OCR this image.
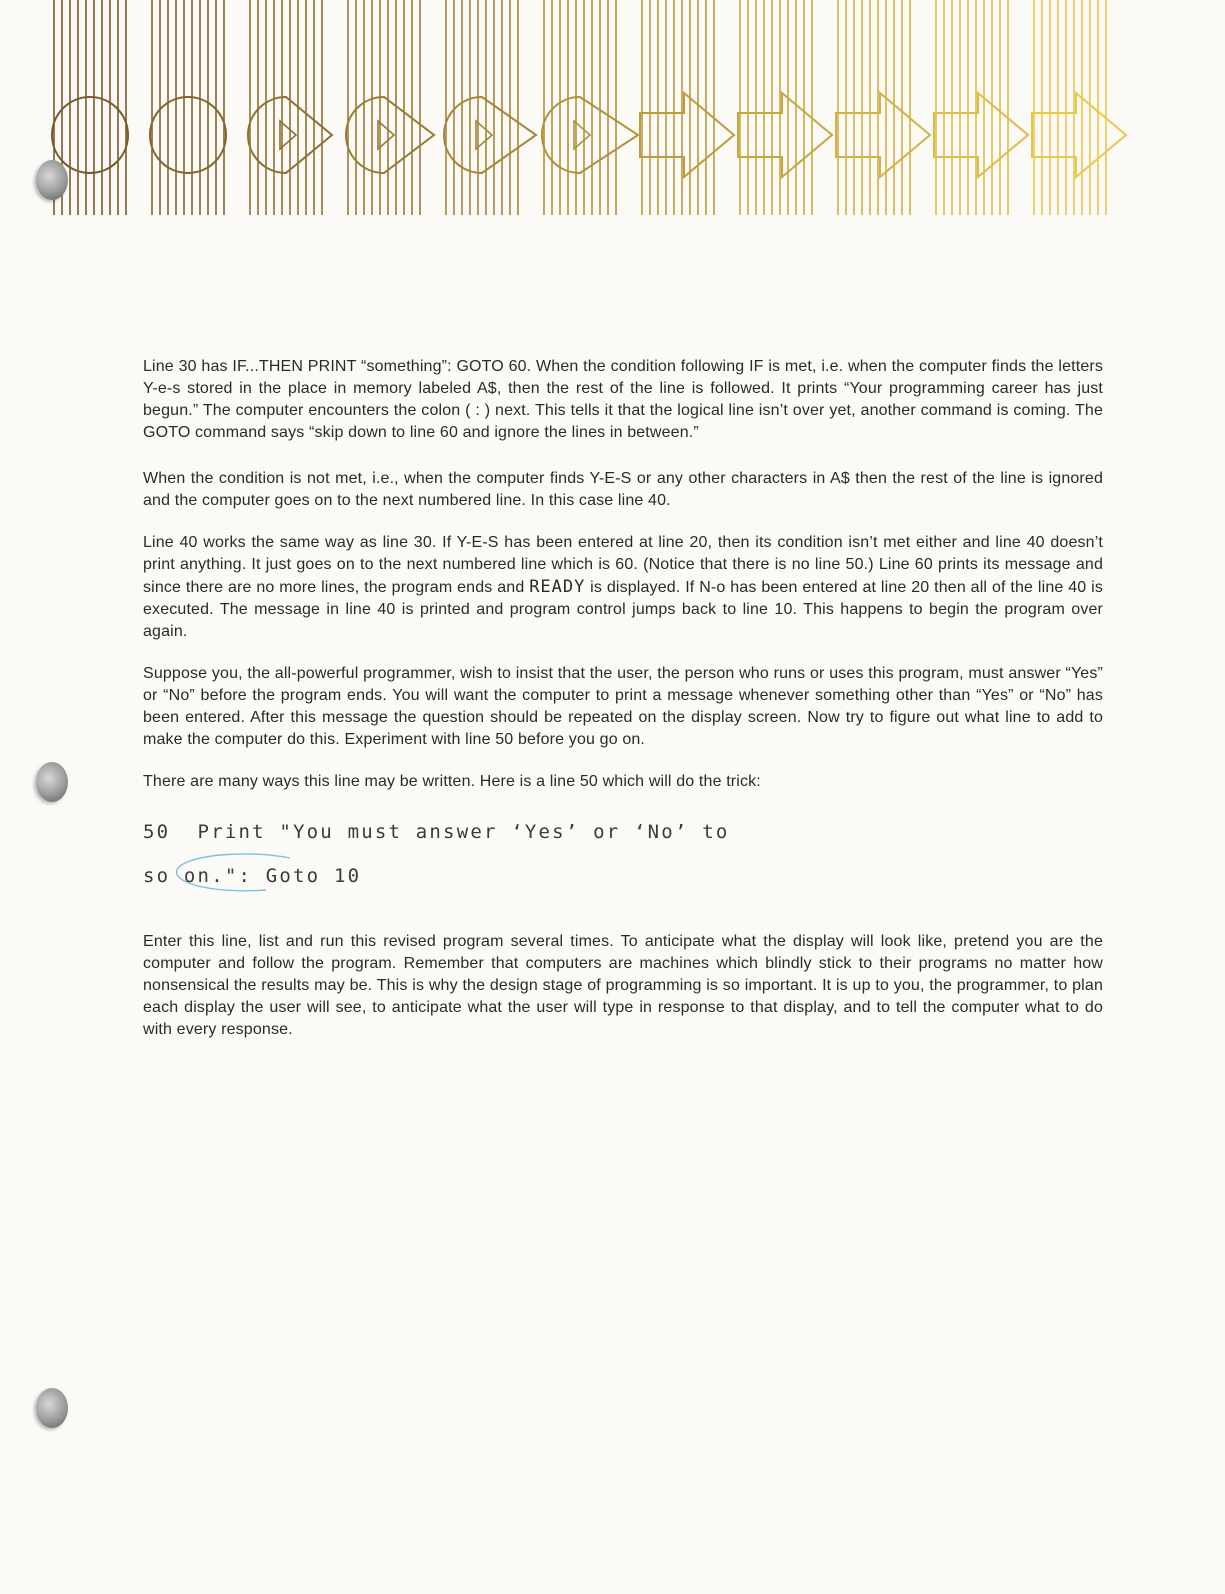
Line 30 has IF...THEN PRINT “something”: GOTO 60. When the condition following IF is met, i.e. when the computer finds the letters Y-e-s stored in the place in memory labeled A$, then the rest of the line is followed. It prints “Your programming career has just begun.” The computer encounters the colon ( : ) next. This tells it that the logical line isn’t over yet, another command is coming. The GOTO command says “skip down to line 60 and ignore the lines in between.”

When the condition is not met, i.e., when the computer finds Y-E-S or any other characters in A$ then the rest of the line is ignored and the computer goes on to the next numbered line. In this case line 40.

Line 40 works the same way as line 30. If Y-E-S has been entered at line 20, then its condition isn’t met either and line 40 doesn’t print anything. It just goes on to the next numbered line which is 60. (Notice that there is no line 50.) Line 60 prints its message and since there are no more lines, the program ends and READY is displayed. If N-o has been entered at line 20 then all of the line 40 is executed. The message in line 40 is printed and program control jumps back to line 10. This happens to begin the program over again.

Suppose you, the all-powerful programmer, wish to insist that the user, the person who runs or uses this program, must answer “Yes” or “No” before the program ends. You will want the computer to print a message whenever something other than “Yes” or “No” has been entered. After this message the question should be repeated on the display screen. Now try to figure out what line to add to make the computer do this. Experiment with line 50 before you go on.

There are many ways this line may be written. Here is a line 50 which will do the trick:

50  Print "You must answer ‘Yes’ or ‘No’ to

so on.": Goto 10

Enter this line, list and run this revised program several times. To anticipate what the display will look like, pretend you are the computer and follow the program. Remember that computers are machines which blindly stick to their programs no matter how nonsensical the results may be. This is why the design stage of programming is so important. It is up to you, the programmer, to plan each display the user will see, to anticipate what the user will type in response to that display, and to tell the computer what to do with every response.
